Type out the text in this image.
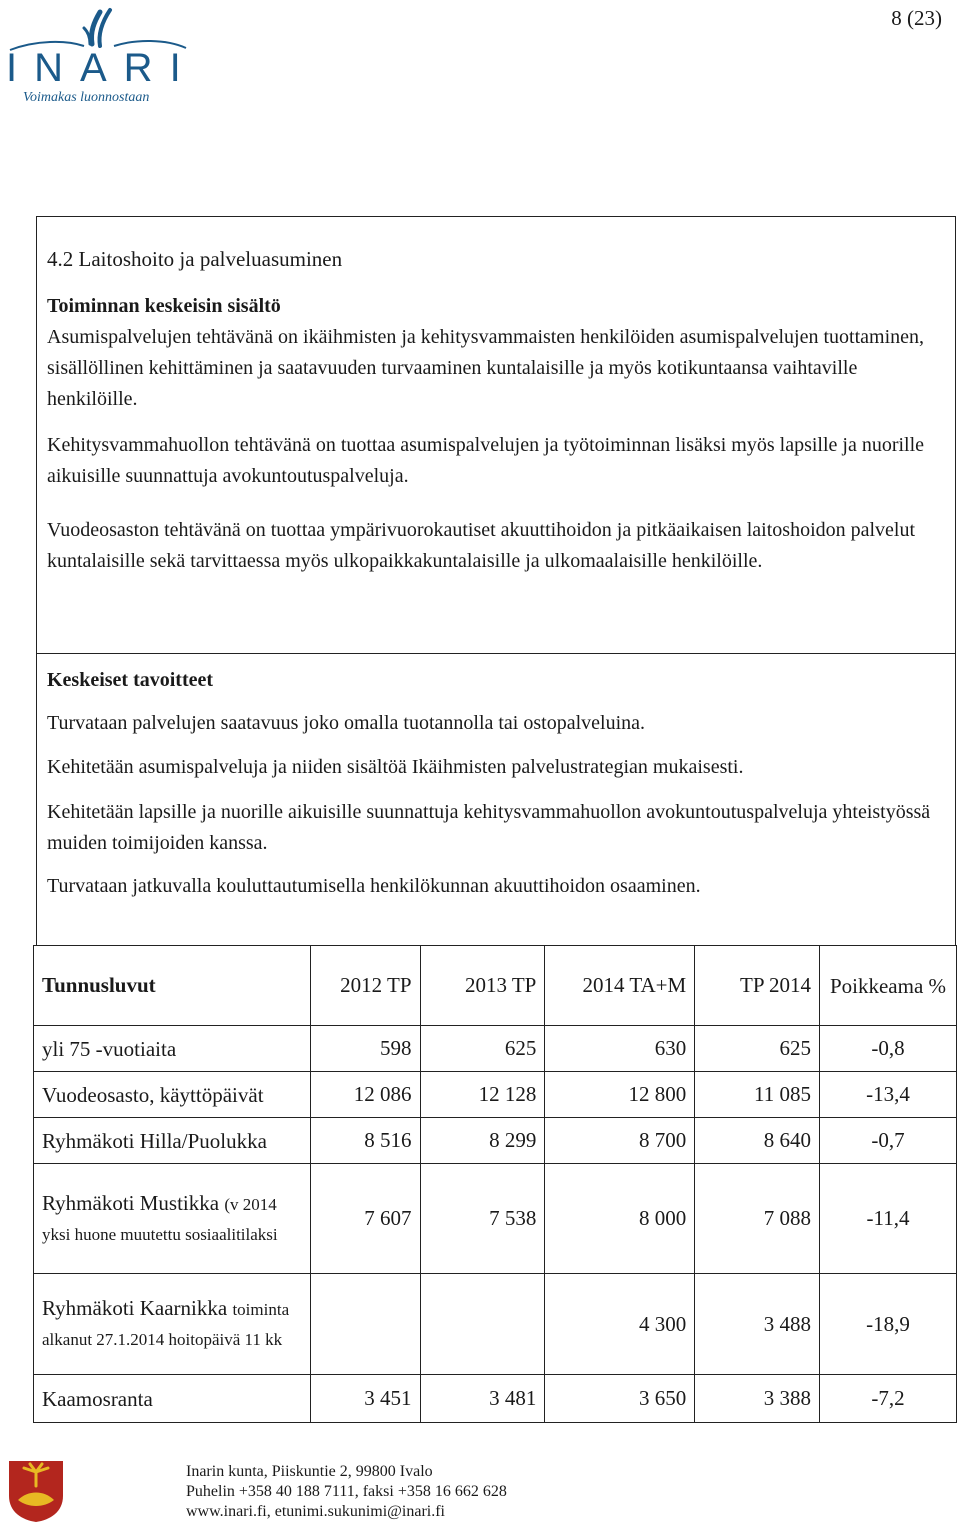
8 (23)
INARI
Voimakas luonnostaan
4.2 Laitoshoito ja palveluasuminen
Toiminnan keskeisin sisältö
Asumispalvelujen tehtävänä on ikäihmisten ja kehitysvammaisten henkilöiden asumispalvelujen tuottaminen, sisällöllinen kehittäminen ja saatavuuden turvaaminen kuntalaisille ja myös kotikuntaansa vaihtaville henkilöille.
Kehitysvammahuollon tehtävänä on tuottaa asumispalvelujen ja työtoiminnan lisäksi myös lapsille ja nuorille aikuisille suunnattuja avokuntoutuspalveluja.
Vuodeosaston tehtävänä on tuottaa ympärivuorokautiset akuuttihoidon ja pitkäaikaisen laitoshoidon palvelut kuntalaisille sekä tarvittaessa myös ulkopaikkakuntalaisille ja ulkomaalaisille henkilöille.
Keskeiset tavoitteet
Turvataan palvelujen saatavuus joko omalla tuotannolla tai ostopalveluina.
Kehitetään asumispalveluja ja niiden sisältöä Ikäihmisten palvelustrategian mukaisesti.
Kehitetään lapsille ja nuorille aikuisille suunnattuja kehitysvammahuollon avokuntoutuspalveluja yhteistyössä muiden toimijoiden kanssa.
Turvataan jatkuvalla kouluttautumisella henkilökunnan akuuttihoidon osaaminen.
Tunnusluvut	2012 TP	2013 TP	2014 TA+M	TP 2014	Poikkeama %
yli 75 -vuotiaita	598	625	630	625	-0,8
Vuodeosasto, käyttöpäivät	12 086	12 128	12 800	11 085	-13,4
Ryhmäkoti Hilla/Puolukka	8 516	8 299	8 700	8 640	-0,7
Ryhmäkoti Mustikka (v 2014 yksi huone muutettu sosiaalitilaksi	7 607	7 538	8 000	7 088	-11,4
Ryhmäkoti Kaarnikka toiminta alkanut 27.1.2014 hoitopäivä 11 kk			4 300	3 488	-18,9
Kaamosranta	3 451	3 481	3 650	3 388	-7,2
Inarin kunta, Piiskuntie 2, 99800 Ivalo
Puhelin +358 40 188 7111, faksi +358 16 662 628
www.inari.fi, etunimi.sukunimi@inari.fi
